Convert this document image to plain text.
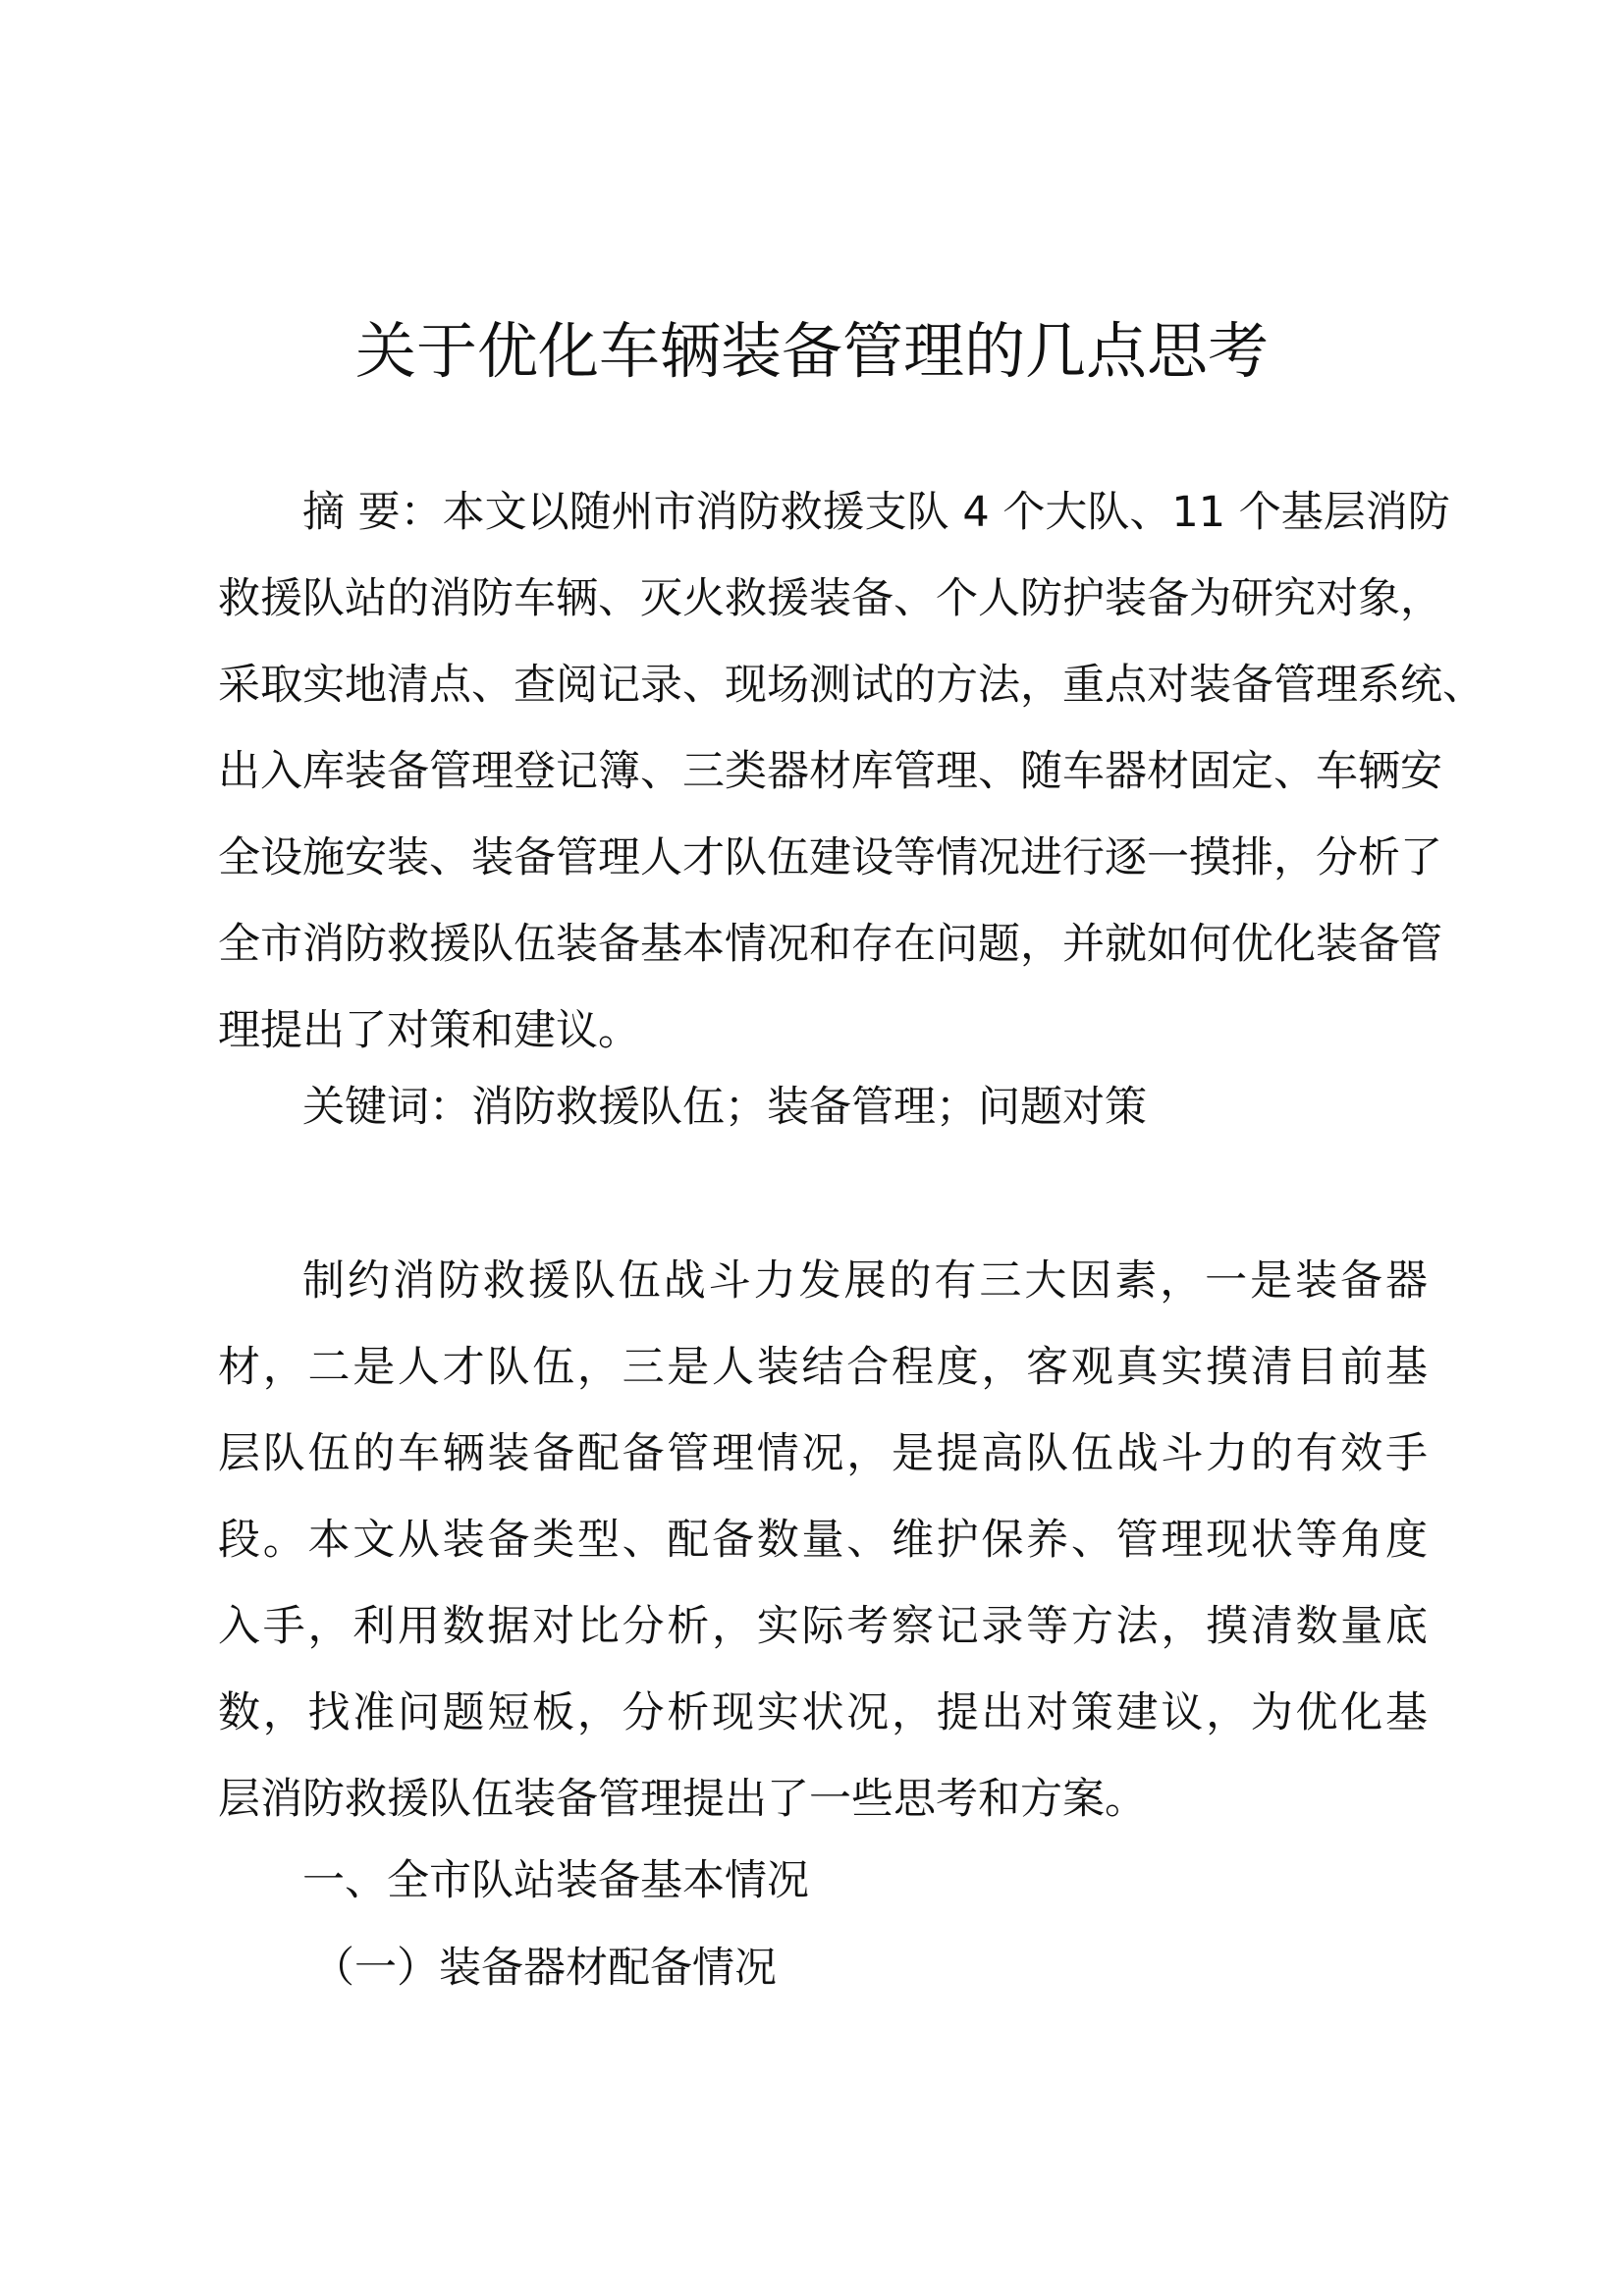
关于优化车辆装备管理的几点思考
摘 要：本文以随州市消防救援支队 4 个大队、11 个基层消防
救援队站的消防车辆、灭火救援装备、个人防护装备为研究对象，
采取实地清点、查阅记录、现场测试的方法，重点对装备管理系统、
出入库装备管理登记簿、三类器材库管理、随车器材固定、车辆安
全设施安装、装备管理人才队伍建设等情况进行逐一摸排，分析了
全市消防救援队伍装备基本情况和存在问题，并就如何优化装备管
理提出了对策和建议。
关键词：消防救援队伍；装备管理；问题对策
制约消防救援队伍战斗力发展的有三大因素，一是装备器
材，二是人才队伍，三是人装结合程度，客观真实摸清目前基
层队伍的车辆装备配备管理情况，是提高队伍战斗力的有效手
段。本文从装备类型、配备数量、维护保养、管理现状等角度
入手，利用数据对比分析，实际考察记录等方法，摸清数量底
数，找准问题短板，分析现实状况，提出对策建议，为优化基
层消防救援队伍装备管理提出了一些思考和方案。
一、全市队站装备基本情况
（一）装备器材配备情况
